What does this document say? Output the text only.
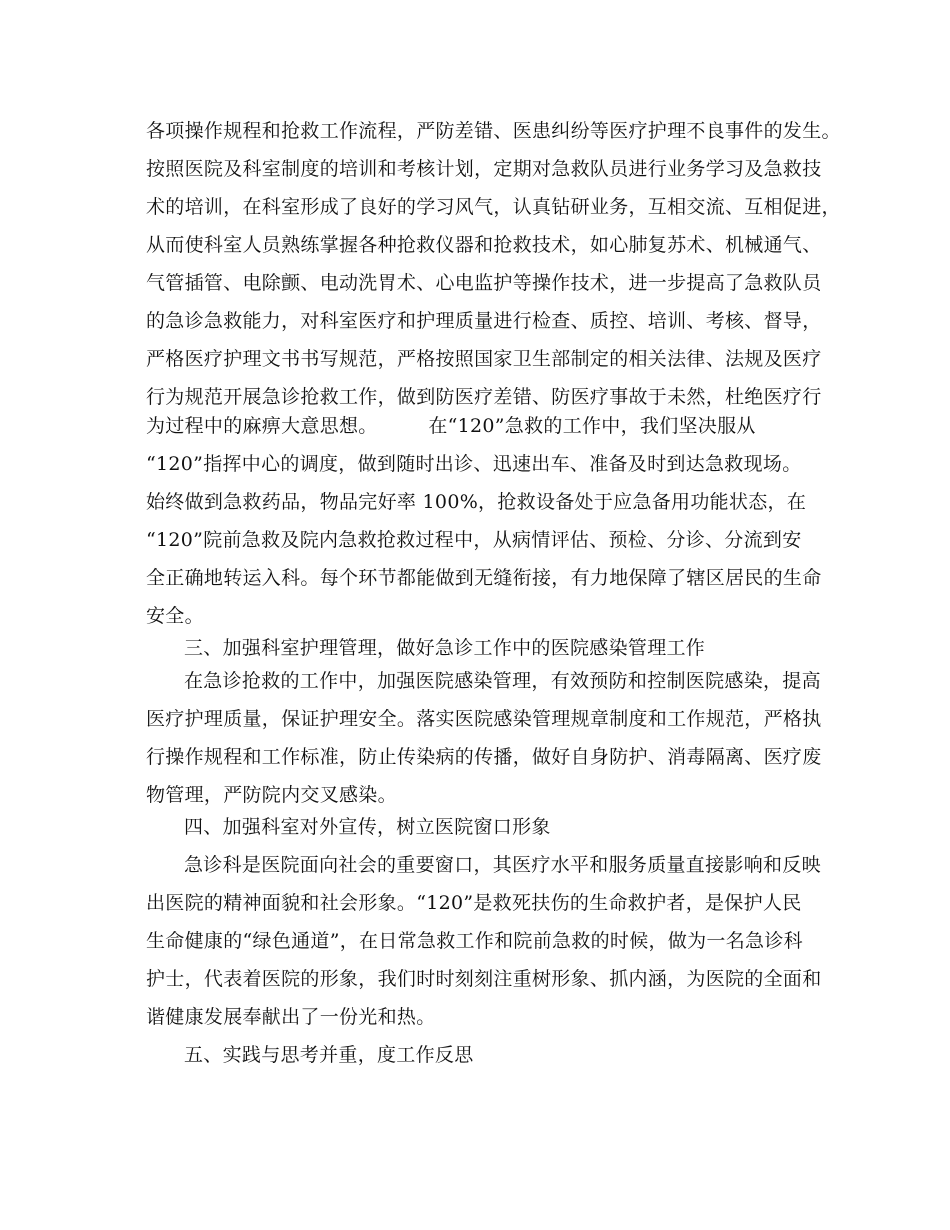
各项操作规程和抢救工作流程，严防差错、医患纠纷等医疗护理不良事件的发生。
按照医院及科室制度的培训和考核计划，定期对急救队员进行业务学习及急救技
术的培训，在科室形成了良好的学习风气，认真钻研业务，互相交流、互相促进，
从而使科室人员熟练掌握各种抢救仪器和抢救技术，如心肺复苏术、机械通气、
气管插管、电除颤、电动洗胃术、心电监护等操作技术，进一步提高了急救队员
的急诊急救能力，对科室医疗和护理质量进行检查、质控、培训、考核、督导，
严格医疗护理文书书写规范，严格按照国家卫生部制定的相关法律、法规及医疗
行为规范开展急诊抢救工作，做到防医疗差错、防医疗事故于未然，杜绝医疗行
为过程中的麻痹大意思想。        在“120”急救的工作中，我们坚决服从
“120”指挥中心的调度，做到随时出诊、迅速出车、准备及时到达急救现场。
始终做到急救药品，物品完好率 100%，抢救设备处于应急备用功能状态，在
“120”院前急救及院内急救抢救过程中，从病情评估、预检、分诊、分流到安
全正确地转运入科。每个环节都能做到无缝衔接，有力地保障了辖区居民的生命
安全。
三、加强科室护理管理，做好急诊工作中的医院感染管理工作
在急诊抢救的工作中，加强医院感染管理，有效预防和控制医院感染，提高
医疗护理质量，保证护理安全。落实医院感染管理规章制度和工作规范，严格执
行操作规程和工作标准，防止传染病的传播，做好自身防护、消毒隔离、医疗废
物管理，严防院内交叉感染。
四、加强科室对外宣传，树立医院窗口形象
急诊科是医院面向社会的重要窗口，其医疗水平和服务质量直接影响和反映
出医院的精神面貌和社会形象。“120”是救死扶伤的生命救护者，是保护人民
生命健康的“绿色通道”，在日常急救工作和院前急救的时候，做为一名急诊科
护士，代表着医院的形象，我们时时刻刻注重树形象、抓内涵，为医院的全面和
谐健康发展奉献出了一份光和热。
五、实践与思考并重，度工作反思
